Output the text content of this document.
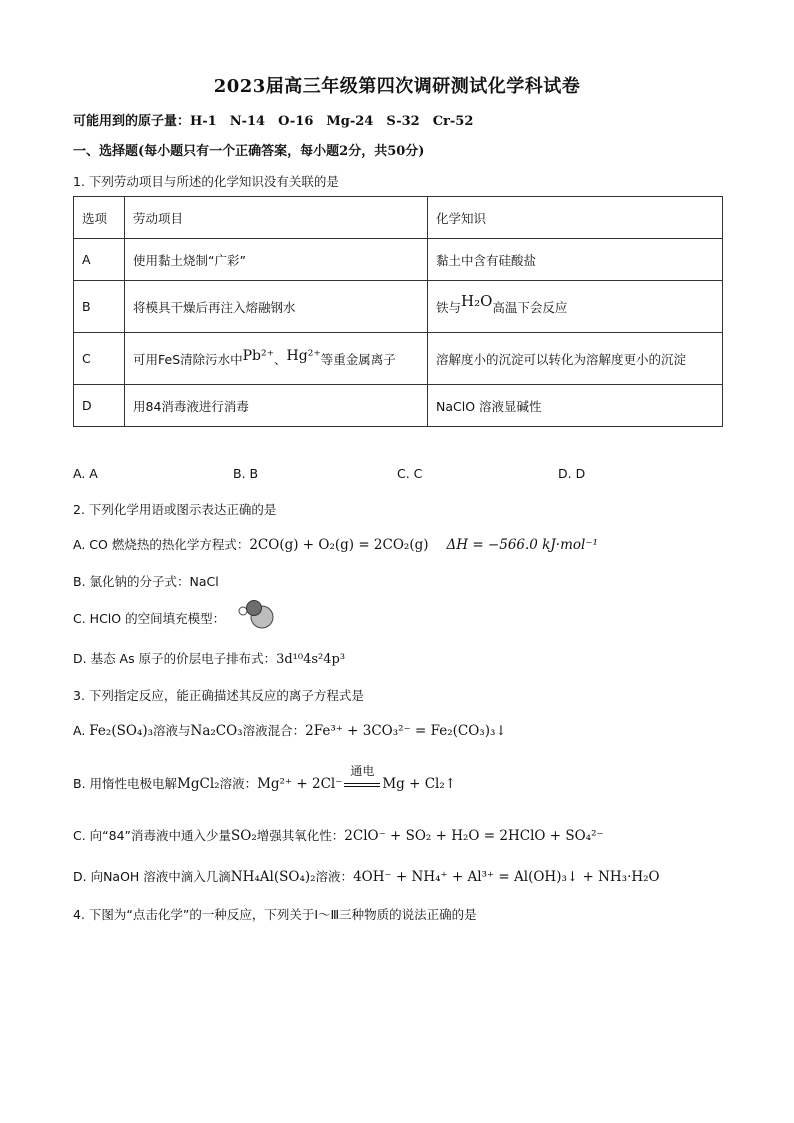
2023届高三年级第四次调研测试化学科试卷
可能用到的原子量：H-1　N-14　O-16　Mg-24　S-32　Cr-52
一、选择题(每小题只有一个正确答案，每小题2分，共50分)
1. 下列劳动项目与所述的化学知识没有关联的是
选项	劳动项目	化学知识
A	使用黏土烧制“广彩”	黏土中含有硅酸盐
B	将模具干燥后再注入熔融钢水	铁与H₂O高温下会反应
C	可用FeS清除污水中Pb²⁺、Hg²⁺等重金属离子	溶解度小的沉淀可以转化为溶解度更小的沉淀
D	用84消毒液进行消毒	NaClO 溶液显碱性
A. A	B. B	C. C	D. D
2. 下列化学用语或图示表达正确的是
A. CO 燃烧热的热化学方程式：2CO(g) + O₂(g) = 2CO₂(g) ΔH = −566.0 kJ·mol⁻¹
B. 氯化钠的分子式：NaCl
C. HClO 的空间填充模型：
D. 基态 As 原子的价层电子排布式：3d¹⁰4s²4p³
3. 下列指定反应，能正确描述其反应的离子方程式是
A. Fe₂(SO₄)₃溶液与Na₂CO₃溶液混合：2Fe³⁺ + 3CO₃²⁻ = Fe₂(CO₃)₃↓
B. 用惰性电极电解MgCl₂溶液：Mg²⁺ + 2Cl⁻
通电
Mg + Cl₂↑
C. 向“84”消毒液中通入少量SO₂增强其氧化性：2ClO⁻ + SO₂ + H₂O = 2HClO + SO₄²⁻
D. 向NaOH 溶液中滴入几滴NH₄Al(SO₄)₂溶液：4OH⁻ + NH₄⁺ + Al³⁺ = Al(OH)₃↓ + NH₃·H₂O
4. 下图为“点击化学”的一种反应，下列关于Ⅰ～Ⅲ三种物质的说法正确的是
